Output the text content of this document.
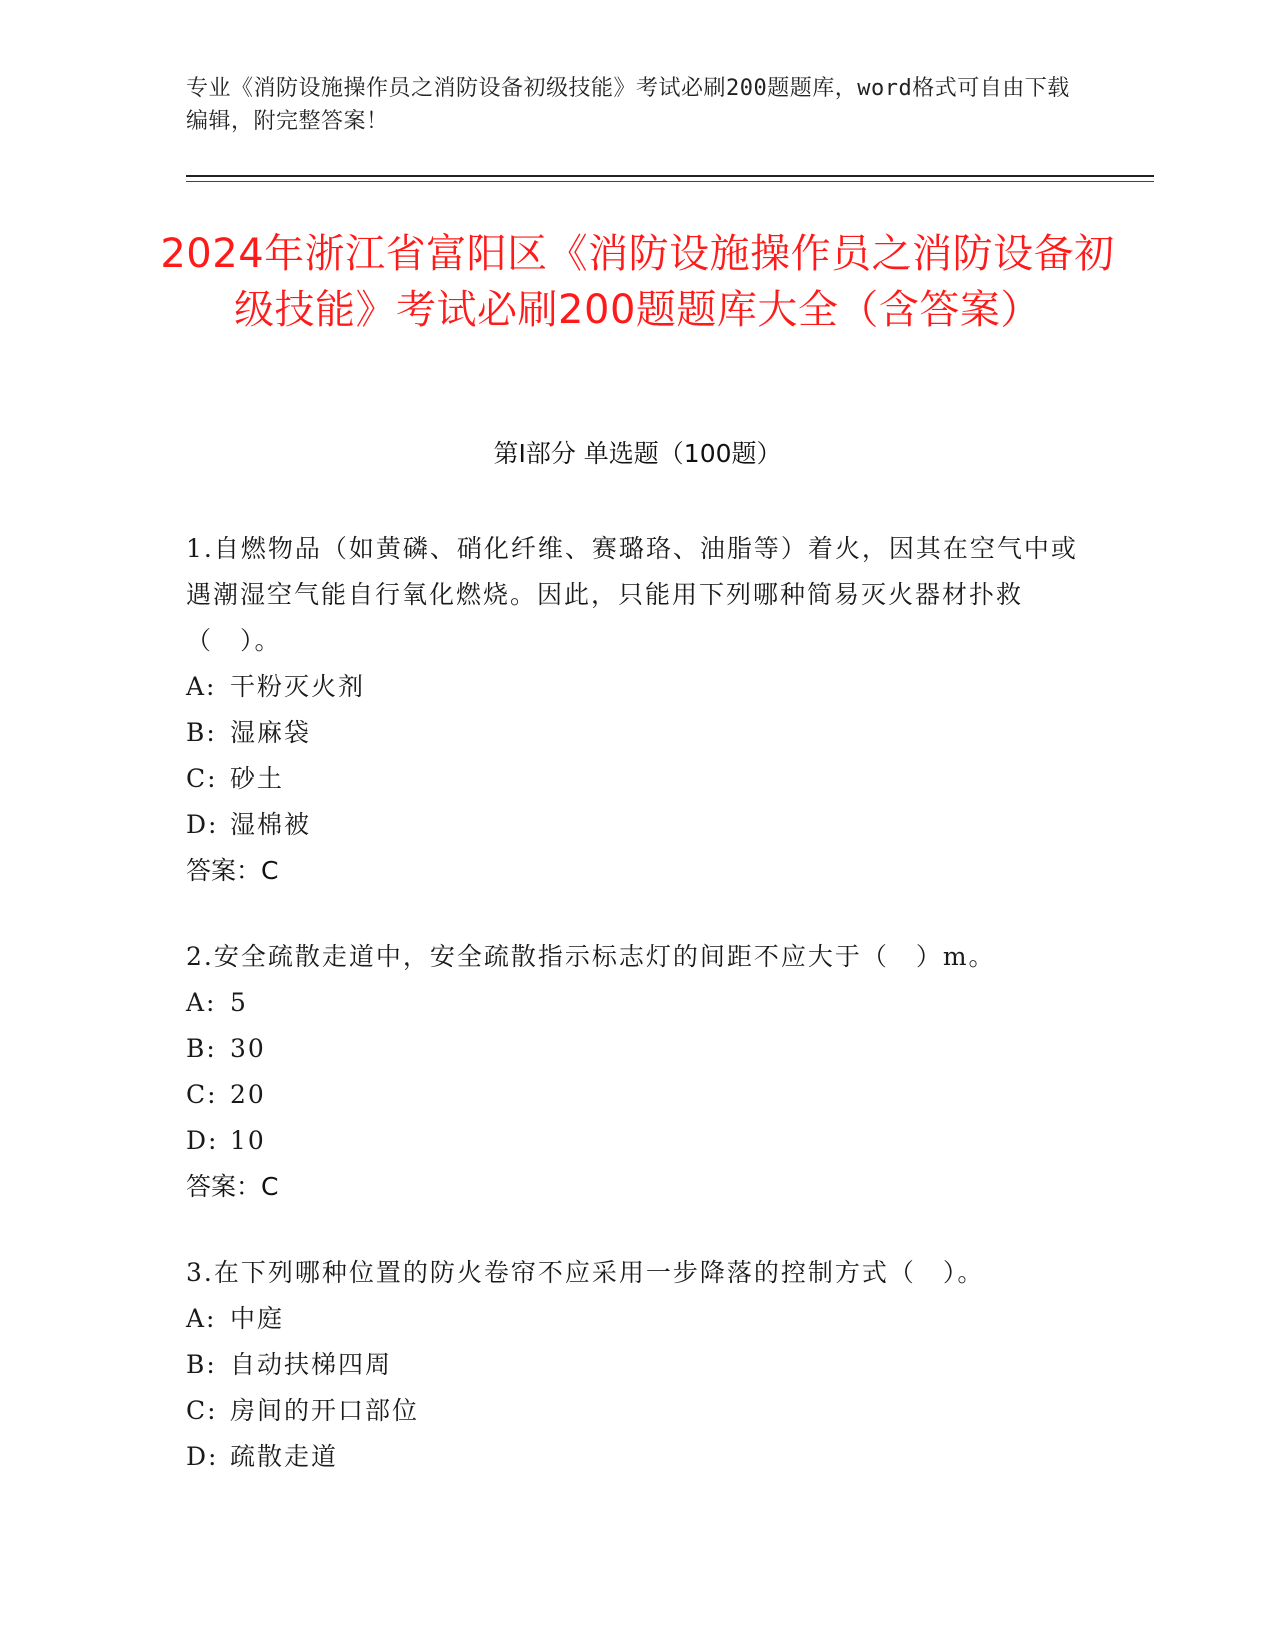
专业《消防设施操作员之消防设备初级技能》考试必刷200题题库，word格式可自由下载编辑，附完整答案！
2024年浙江省富阳区《消防设施操作员之消防设备初级技能》考试必刷200题题库大全（含答案）
第I部分 单选题（100题）
1.自燃物品（如黄磷、硝化纤维、赛璐珞、油脂等）着火，因其在空气中或遇潮湿空气能自行氧化燃烧。因此，只能用下列哪种简易灭火器材扑救（　）。
A: 干粉灭火剂
B: 湿麻袋
C: 砂土
D: 湿棉被
答案：C
2.安全疏散走道中，安全疏散指示标志灯的间距不应大于（　）m。
A: 5
B: 30
C: 20
D: 10
答案：C
3.在下列哪种位置的防火卷帘不应采用一步降落的控制方式（　）。
A: 中庭
B: 自动扶梯四周
C: 房间的开口部位
D: 疏散走道
